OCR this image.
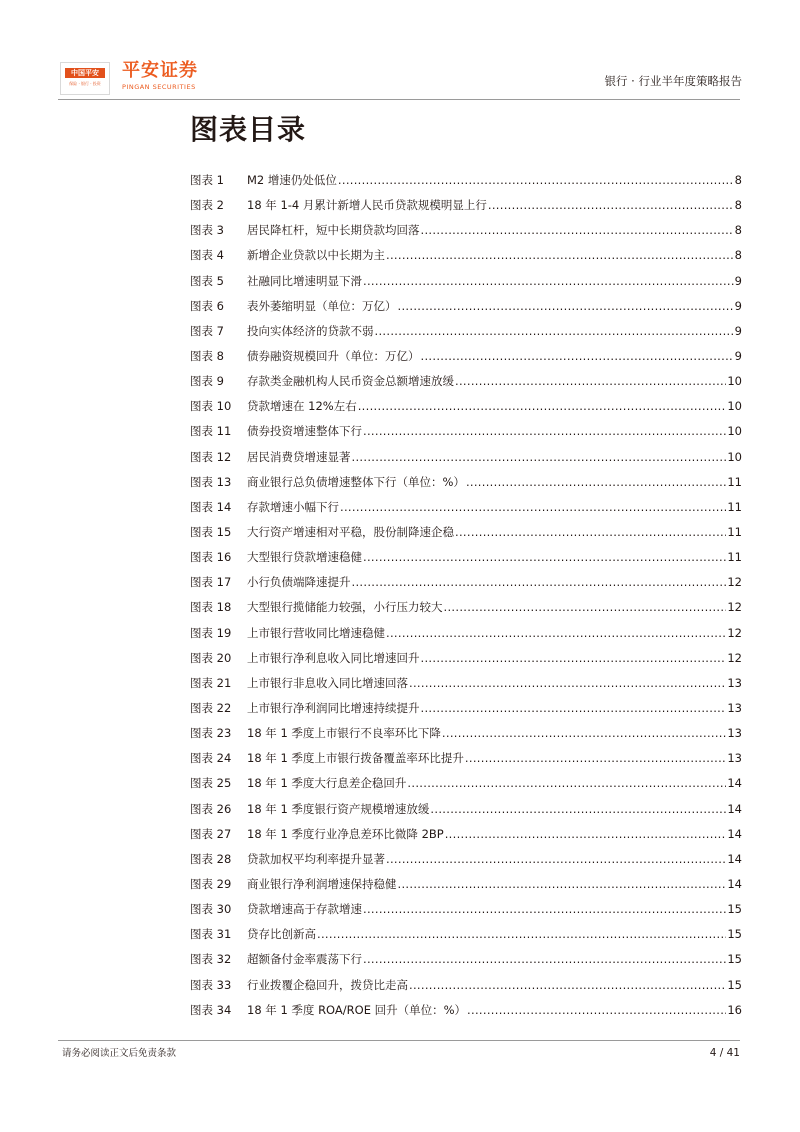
中国平安
保险 · 银行 · 投资
平安证券
PINGAN SECURITIES	银行 · 行业半年度策略报告
图表目录
图表 1	M2 增速仍处低位 .....	8
图表 2	18 年 1-4 月累计新增人民币贷款规模明显上行 .....	8
图表 3	居民降杠杆，短中长期贷款均回落 .....	8
图表 4	新增企业贷款以中长期为主 .....	8
图表 5	社融同比增速明显下滑 .....	9
图表 6	表外萎缩明显（单位：万亿） .....	9
图表 7	投向实体经济的贷款不弱 .....	9
图表 8	债券融资规模回升（单位：万亿） .....	9
图表 9	存款类金融机构人民币资金总额增速放缓 .....	10
图表 10	贷款增速在 12%左右 .....	10
图表 11	债券投资增速整体下行 .....	10
图表 12	居民消费贷增速显著 .....	10
图表 13	商业银行总负债增速整体下行（单位：%） .....	11
图表 14	存款增速小幅下行 .....	11
图表 15	大行资产增速相对平稳，股份制降速企稳 .....	11
图表 16	大型银行贷款增速稳健 .....	11
图表 17	小行负债端降速提升 .....	12
图表 18	大型银行揽储能力较强，小行压力较大 .....	12
图表 19	上市银行营收同比增速稳健 .....	12
图表 20	上市银行净利息收入同比增速回升 .....	12
图表 21	上市银行非息收入同比增速回落 .....	13
图表 22	上市银行净利润同比增速持续提升 .....	13
图表 23	18 年 1 季度上市银行不良率环比下降 .....	13
图表 24	18 年 1 季度上市银行拨备覆盖率环比提升 .....	13
图表 25	18 年 1 季度大行息差企稳回升 .....	14
图表 26	18 年 1 季度银行资产规模增速放缓 .....	14
图表 27	18 年 1 季度行业净息差环比微降 2BP .....	14
图表 28	贷款加权平均利率提升显著 .....	14
图表 29	商业银行净利润增速保持稳健 .....	14
图表 30	贷款增速高于存款增速 .....	15
图表 31	贷存比创新高 .....	15
图表 32	超额备付金率震荡下行 .....	15
图表 33	行业拨覆企稳回升，拨贷比走高 .....	15
图表 34	18 年 1 季度 ROA/ROE 回升（单位：%） .....	16
请务必阅读正文后免责条款	4 / 41
